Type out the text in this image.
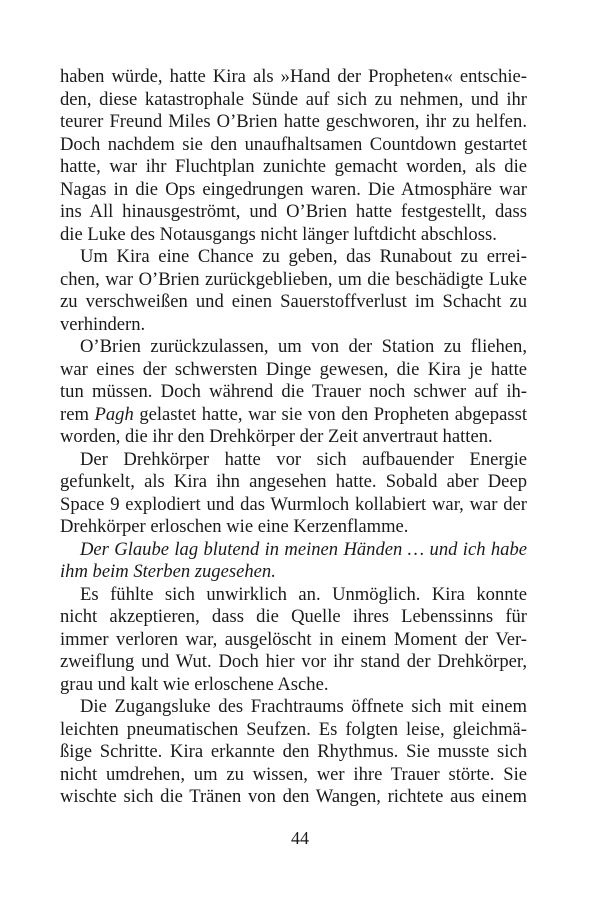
haben würde, hatte Kira als »Hand der Propheten« entschie-
den, diese katastrophale Sünde auf sich zu nehmen, und ihr
teurer Freund Miles O’Brien hatte geschworen, ihr zu helfen.
Doch nachdem sie den unaufhaltsamen Countdown gestartet
hatte, war ihr Fluchtplan zunichte gemacht worden, als die
Nagas in die Ops eingedrungen waren. Die Atmosphäre war
ins All hinausgeströmt, und O’Brien hatte festgestellt, dass
die Luke des Notausgangs nicht länger luftdicht abschloss.
Um Kira eine Chance zu geben, das Runabout zu errei-
chen, war O’Brien zurückgeblieben, um die beschädigte Luke
zu verschweißen und einen Sauerstoffverlust im Schacht zu
verhindern.
O’Brien zurückzulassen, um von der Station zu fliehen,
war eines der schwersten Dinge gewesen, die Kira je hatte
tun müssen. Doch während die Trauer noch schwer auf ih-
rem Pagh gelastet hatte, war sie von den Propheten abgepasst
worden, die ihr den Drehkörper der Zeit anvertraut hatten.
Der Drehkörper hatte vor sich aufbauender Energie
gefunkelt, als Kira ihn angesehen hatte. Sobald aber Deep
Space 9 explodiert und das Wurmloch kollabiert war, war der
Drehkörper erloschen wie eine Kerzenflamme.
Der Glaube lag blutend in meinen Händen … und ich habe
ihm beim Sterben zugesehen.
Es fühlte sich unwirklich an. Unmöglich. Kira konnte
nicht akzeptieren, dass die Quelle ihres Lebenssinns für
immer verloren war, ausgelöscht in einem Moment der Ver-
zweiflung und Wut. Doch hier vor ihr stand der Drehkörper,
grau und kalt wie erloschene Asche.
Die Zugangsluke des Frachtraums öffnete sich mit einem
leichten pneumatischen Seufzen. Es folgten leise, gleichmä-
ßige Schritte. Kira erkannte den Rhythmus. Sie musste sich
nicht umdrehen, um zu wissen, wer ihre Trauer störte. Sie
wischte sich die Tränen von den Wangen, richtete aus einem
44
